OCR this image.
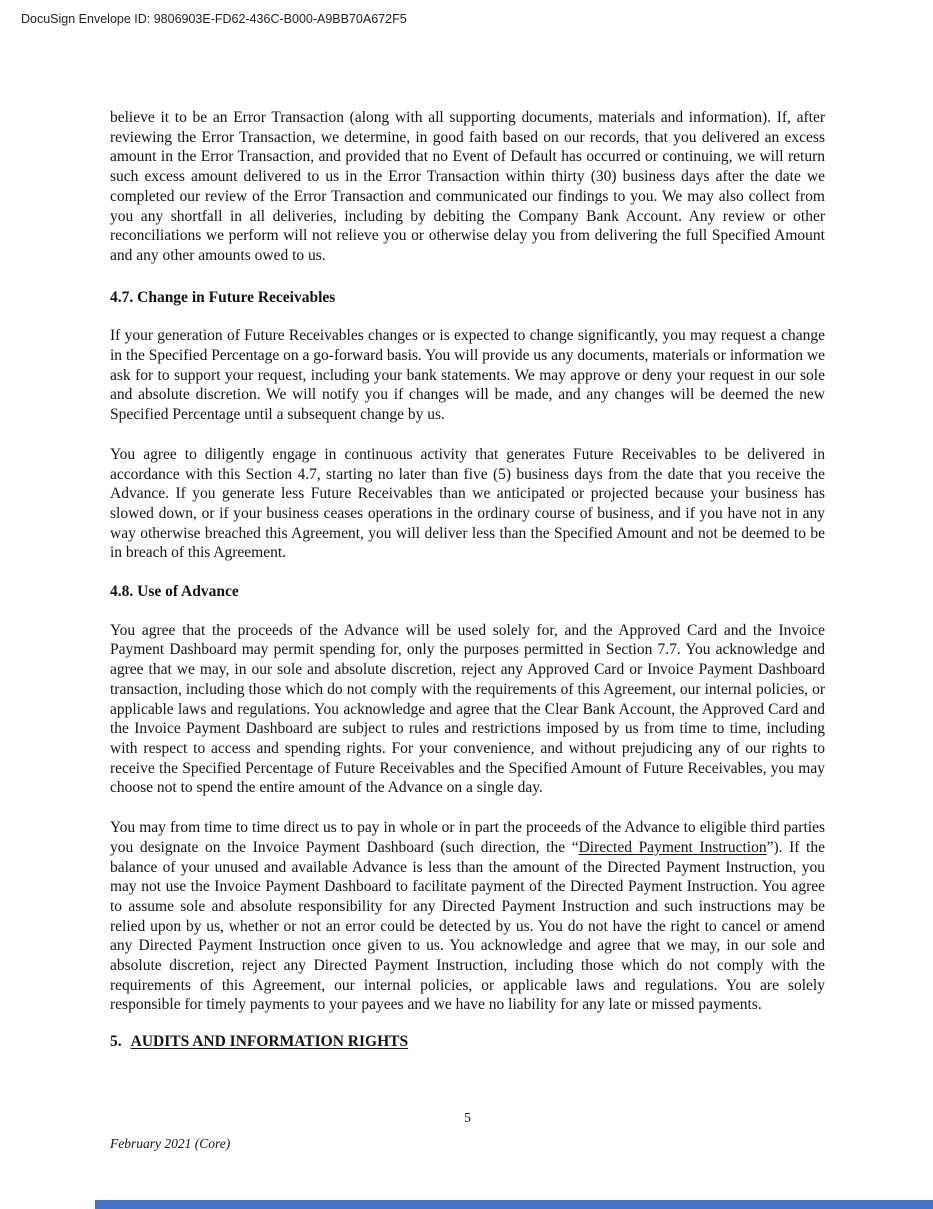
DocuSign Envelope ID: 9806903E-FD62-436C-B000-A9BB70A672F5

believe it to be an Error Transaction (along with all supporting documents, materials and information). If, after reviewing the Error Transaction, we determine, in good faith based on our records, that you delivered an excess amount in the Error Transaction, and provided that no Event of Default has occurred or continuing, we will return such excess amount delivered to us in the Error Transaction within thirty (30) business days after the date we completed our review of the Error Transaction and communicated our findings to you. We may also collect from you any shortfall in all deliveries, including by debiting the Company Bank Account. Any review or other reconciliations we perform will not relieve you or otherwise delay you from delivering the full Specified Amount and any other amounts owed to us.

4.7. Change in Future Receivables

If your generation of Future Receivables changes or is expected to change significantly, you may request a change in the Specified Percentage on a go-forward basis. You will provide us any documents, materials or information we ask for to support your request, including your bank statements. We may approve or deny your request in our sole and absolute discretion. We will notify you if changes will be made, and any changes will be deemed the new Specified Percentage until a subsequent change by us.

You agree to diligently engage in continuous activity that generates Future Receivables to be delivered in accordance with this Section 4.7, starting no later than five (5) business days from the date that you receive the Advance. If you generate less Future Receivables than we anticipated or projected because your business has slowed down, or if your business ceases operations in the ordinary course of business, and if you have not in any way otherwise breached this Agreement, you will deliver less than the Specified Amount and not be deemed to be in breach of this Agreement.

4.8. Use of Advance

You agree that the proceeds of the Advance will be used solely for, and the Approved Card and the Invoice Payment Dashboard may permit spending for, only the purposes permitted in Section 7.7. You acknowledge and agree that we may, in our sole and absolute discretion, reject any Approved Card or Invoice Payment Dashboard transaction, including those which do not comply with the requirements of this Agreement, our internal policies, or applicable laws and regulations. You acknowledge and agree that the Clear Bank Account, the Approved Card and the Invoice Payment Dashboard are subject to rules and restrictions imposed by us from time to time, including with respect to access and spending rights. For your convenience, and without prejudicing any of our rights to receive the Specified Percentage of Future Receivables and the Specified Amount of Future Receivables, you may choose not to spend the entire amount of the Advance on a single day.

You may from time to time direct us to pay in whole or in part the proceeds of the Advance to eligible third parties you designate on the Invoice Payment Dashboard (such direction, the “Directed Payment Instruction”). If the balance of your unused and available Advance is less than the amount of the Directed Payment Instruction, you may not use the Invoice Payment Dashboard to facilitate payment of the Directed Payment Instruction. You agree to assume sole and absolute responsibility for any Directed Payment Instruction and such instructions may be relied upon by us, whether or not an error could be detected by us. You do not have the right to cancel or amend any Directed Payment Instruction once given to us. You acknowledge and agree that we may, in our sole and absolute discretion, reject any Directed Payment Instruction, including those which do not comply with the requirements of this Agreement, our internal policies, or applicable laws and regulations. You are solely responsible for timely payments to your payees and we have no liability for any late or missed payments.

5. AUDITS AND INFORMATION RIGHTS

5
February 2021 (Core)
